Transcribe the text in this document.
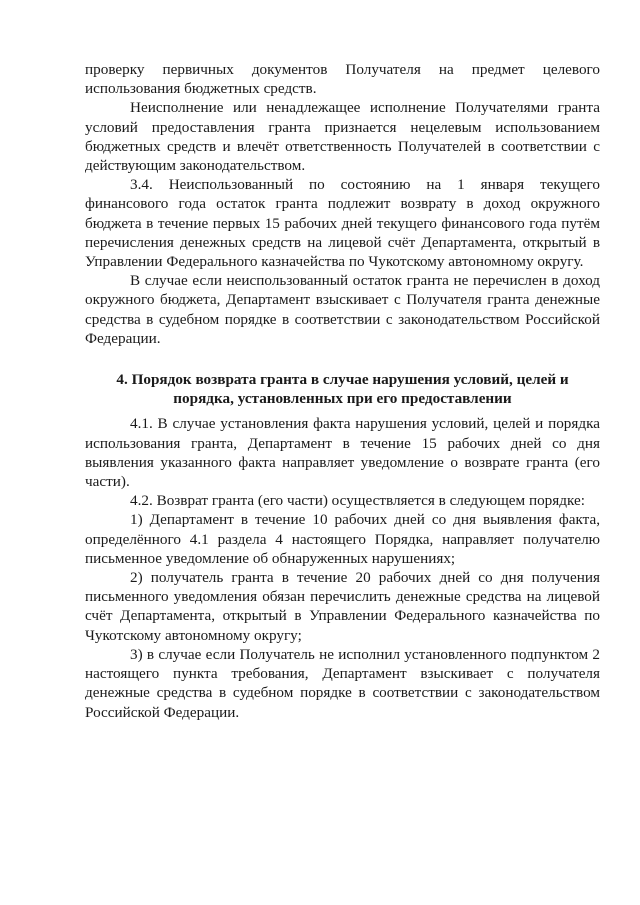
проверку первичных документов Получателя на предмет целевого использования бюджетных средств.

Неисполнение или ненадлежащее исполнение Получателями гранта условий предоставления гранта признается нецелевым использованием бюджетных средств и влечёт ответственность Получателей в соответствии с действующим законодательством.

3.4. Неиспользованный по состоянию на 1 января текущего финансового года остаток гранта подлежит возврату в доход окружного бюджета в течение первых 15 рабочих дней текущего финансового года путём перечисления денежных средств на лицевой счёт Департамента, открытый в Управлении Федерального казначейства по Чукотскому автономному округу.

В случае если неиспользованный остаток гранта не перечислен в доход окружного бюджета, Департамент взыскивает с Получателя гранта денежные средства в судебном порядке в соответствии с законодательством Российской Федерации.

4. Порядок возврата гранта в случае нарушения условий, целей и порядка, установленных при его предоставлении

4.1. В случае установления факта нарушения условий, целей и порядка использования гранта, Департамент в течение 15 рабочих дней со дня выявления указанного факта направляет уведомление о возврате гранта (его части).

4.2. Возврат гранта (его части) осуществляется в следующем порядке:

1) Департамент в течение 10 рабочих дней со дня выявления факта, определённого 4.1 раздела 4 настоящего Порядка, направляет получателю письменное уведомление об обнаруженных нарушениях;

2) получатель гранта в течение 20 рабочих дней со дня получения письменного уведомления обязан перечислить денежные средства на лицевой счёт Департамента, открытый в Управлении Федерального казначейства по Чукотскому автономному округу;

3) в случае если Получатель не исполнил установленного подпунктом 2 настоящего пункта требования, Департамент взыскивает с получателя денежные средства в судебном порядке в соответствии с законодательством Российской Федерации.
